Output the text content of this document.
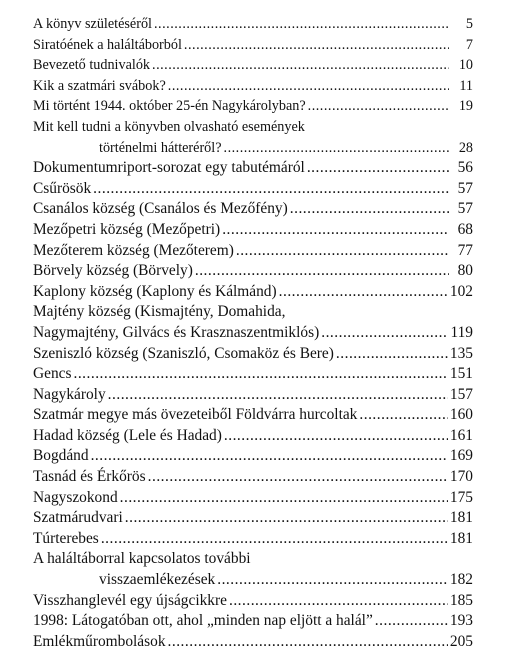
A könyv születéséről .....	5
Siratóének a haláltáborból .....	7
Bevezető tudnivalók .....	10
Kik a szatmári svábok? .....	11
Mi történt 1944. október 25-én Nagykárolyban? .....	19
Mit kell tudni a könyvben olvasható események
történelmi hátteréről? .....	28
Dokumentumriport-sorozat egy tabutémáról .....	56
Csűrösök .....	57
Csanálos község (Csanálos és Mezőfény) .....	57
Mezőpetri község (Mezőpetri) .....	68
Mezőterem község (Mezőterem) .....	77
Börvely község (Börvely) .....	80
Kaplony község (Kaplony és Kálmánd) .....	102
Majtény község (Kismajtény, Domahida,
Nagymajtény, Gilvács és Krasznaszentmiklós) .....	119
Szeniszló község (Szaniszló, Csomaköz és Bere) .....	135
Gencs .....	151
Nagykároly .....	157
Szatmár megye más övezeteiből Földvárra hurcoltak .....	160
Hadad község (Lele és Hadad) .....	161
Bogdánd .....	169
Tasnád és Érkőrös .....	170
Nagyszokond .....	175
Szatmárudvari .....	181
Túrterebes .....	181
A haláltáborral kapcsolatos további
visszaemlékezések .....	182
Visszhanglevél egy újságcikkre .....	185
1998: Látogatóban ott, ahol „minden nap eljött a halál” .....	193
Emlékműrombolások .....	205
